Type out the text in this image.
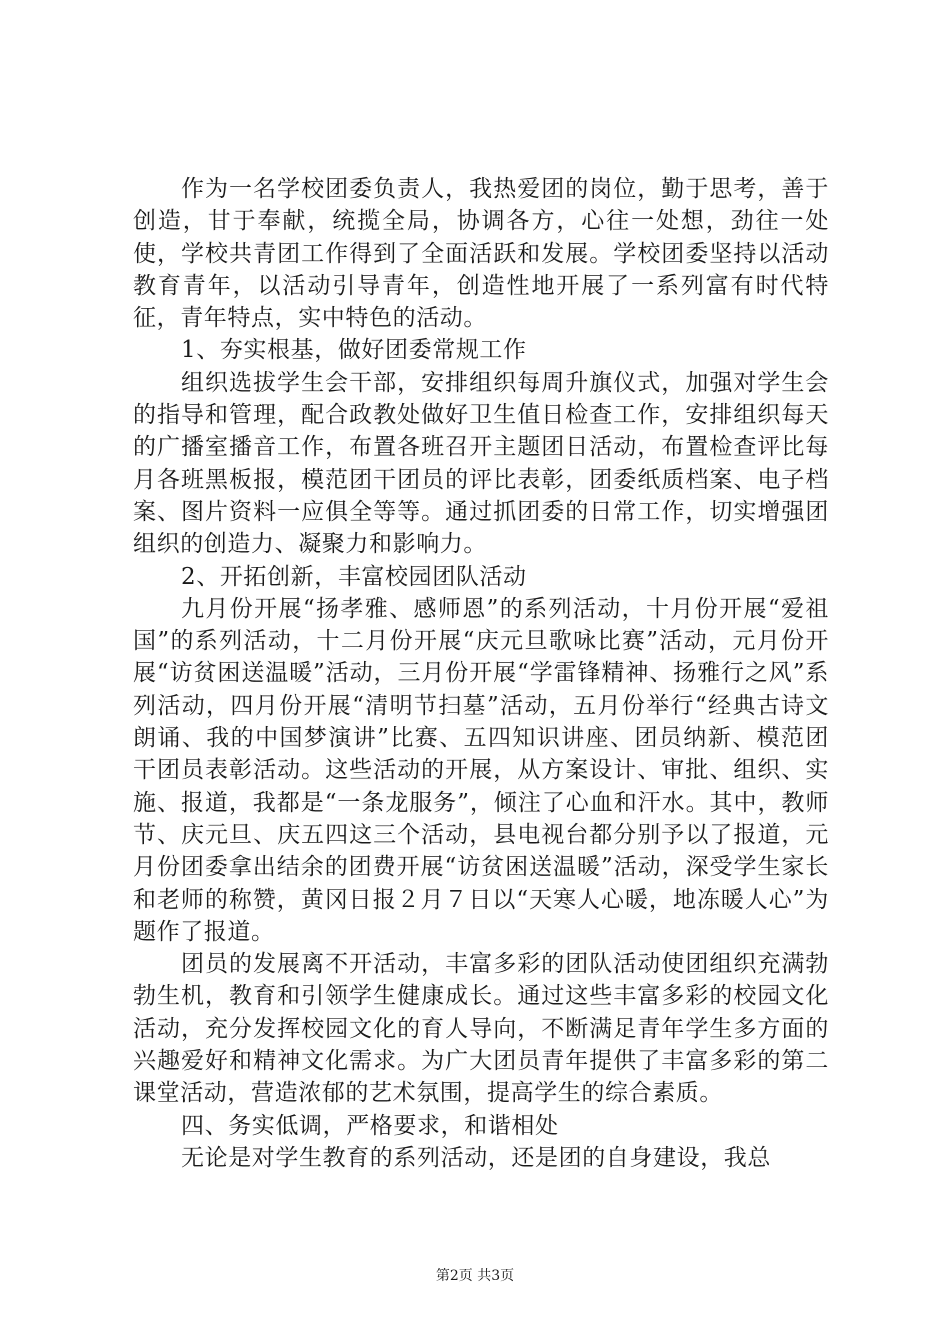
作为一名学校团委负责人，我热爱团的岗位，勤于思考，善于创造，甘于奉献，统揽全局，协调各方，心往一处想，劲往一处使，学校共青团工作得到了全面活跃和发展。学校团委坚持以活动教育青年，以活动引导青年，创造性地开展了一系列富有时代特征，青年特点，实中特色的活动。

1、夯实根基，做好团委常规工作

组织选拔学生会干部，安排组织每周升旗仪式，加强对学生会的指导和管理，配合政教处做好卫生值日检查工作，安排组织每天的广播室播音工作，布置各班召开主题团日活动，布置检查评比每月各班黑板报，模范团干团员的评比表彰，团委纸质档案、电子档案、图片资料一应俱全等等。通过抓团委的日常工作，切实增强团组织的创造力、凝聚力和影响力。

2、开拓创新，丰富校园团队活动

九月份开展“扬孝雅、感师恩”的系列活动，十月份开展“爱祖国”的系列活动，十二月份开展“庆元旦歌咏比赛”活动，元月份开展“访贫困送温暖”活动，三月份开展“学雷锋精神、扬雅行之风”系列活动，四月份开展“清明节扫墓”活动，五月份举行“经典古诗文朗诵、我的中国梦演讲”比赛、五四知识讲座、团员纳新、模范团干团员表彰活动。这些活动的开展，从方案设计、审批、组织、实施、报道，我都是“一条龙服务”，倾注了心血和汗水。其中，教师节、庆元旦、庆五四这三个活动，县电视台都分别予以了报道，元月份团委拿出结余的团费开展“访贫困送温暖”活动，深受学生家长和老师的称赞，黄冈日报２月７日以“天寒人心暖，地冻暖人心”为题作了报道。

团员的发展离不开活动，丰富多彩的团队活动使团组织充满勃勃生机，教育和引领学生健康成长。通过这些丰富多彩的校园文化活动，充分发挥校园文化的育人导向，不断满足青年学生多方面的兴趣爱好和精神文化需求。为广大团员青年提供了丰富多彩的第二课堂活动，营造浓郁的艺术氛围，提高学生的综合素质。

四、务实低调，严格要求，和谐相处

无论是对学生教育的系列活动，还是团的自身建设，我总

第2页 共3页
